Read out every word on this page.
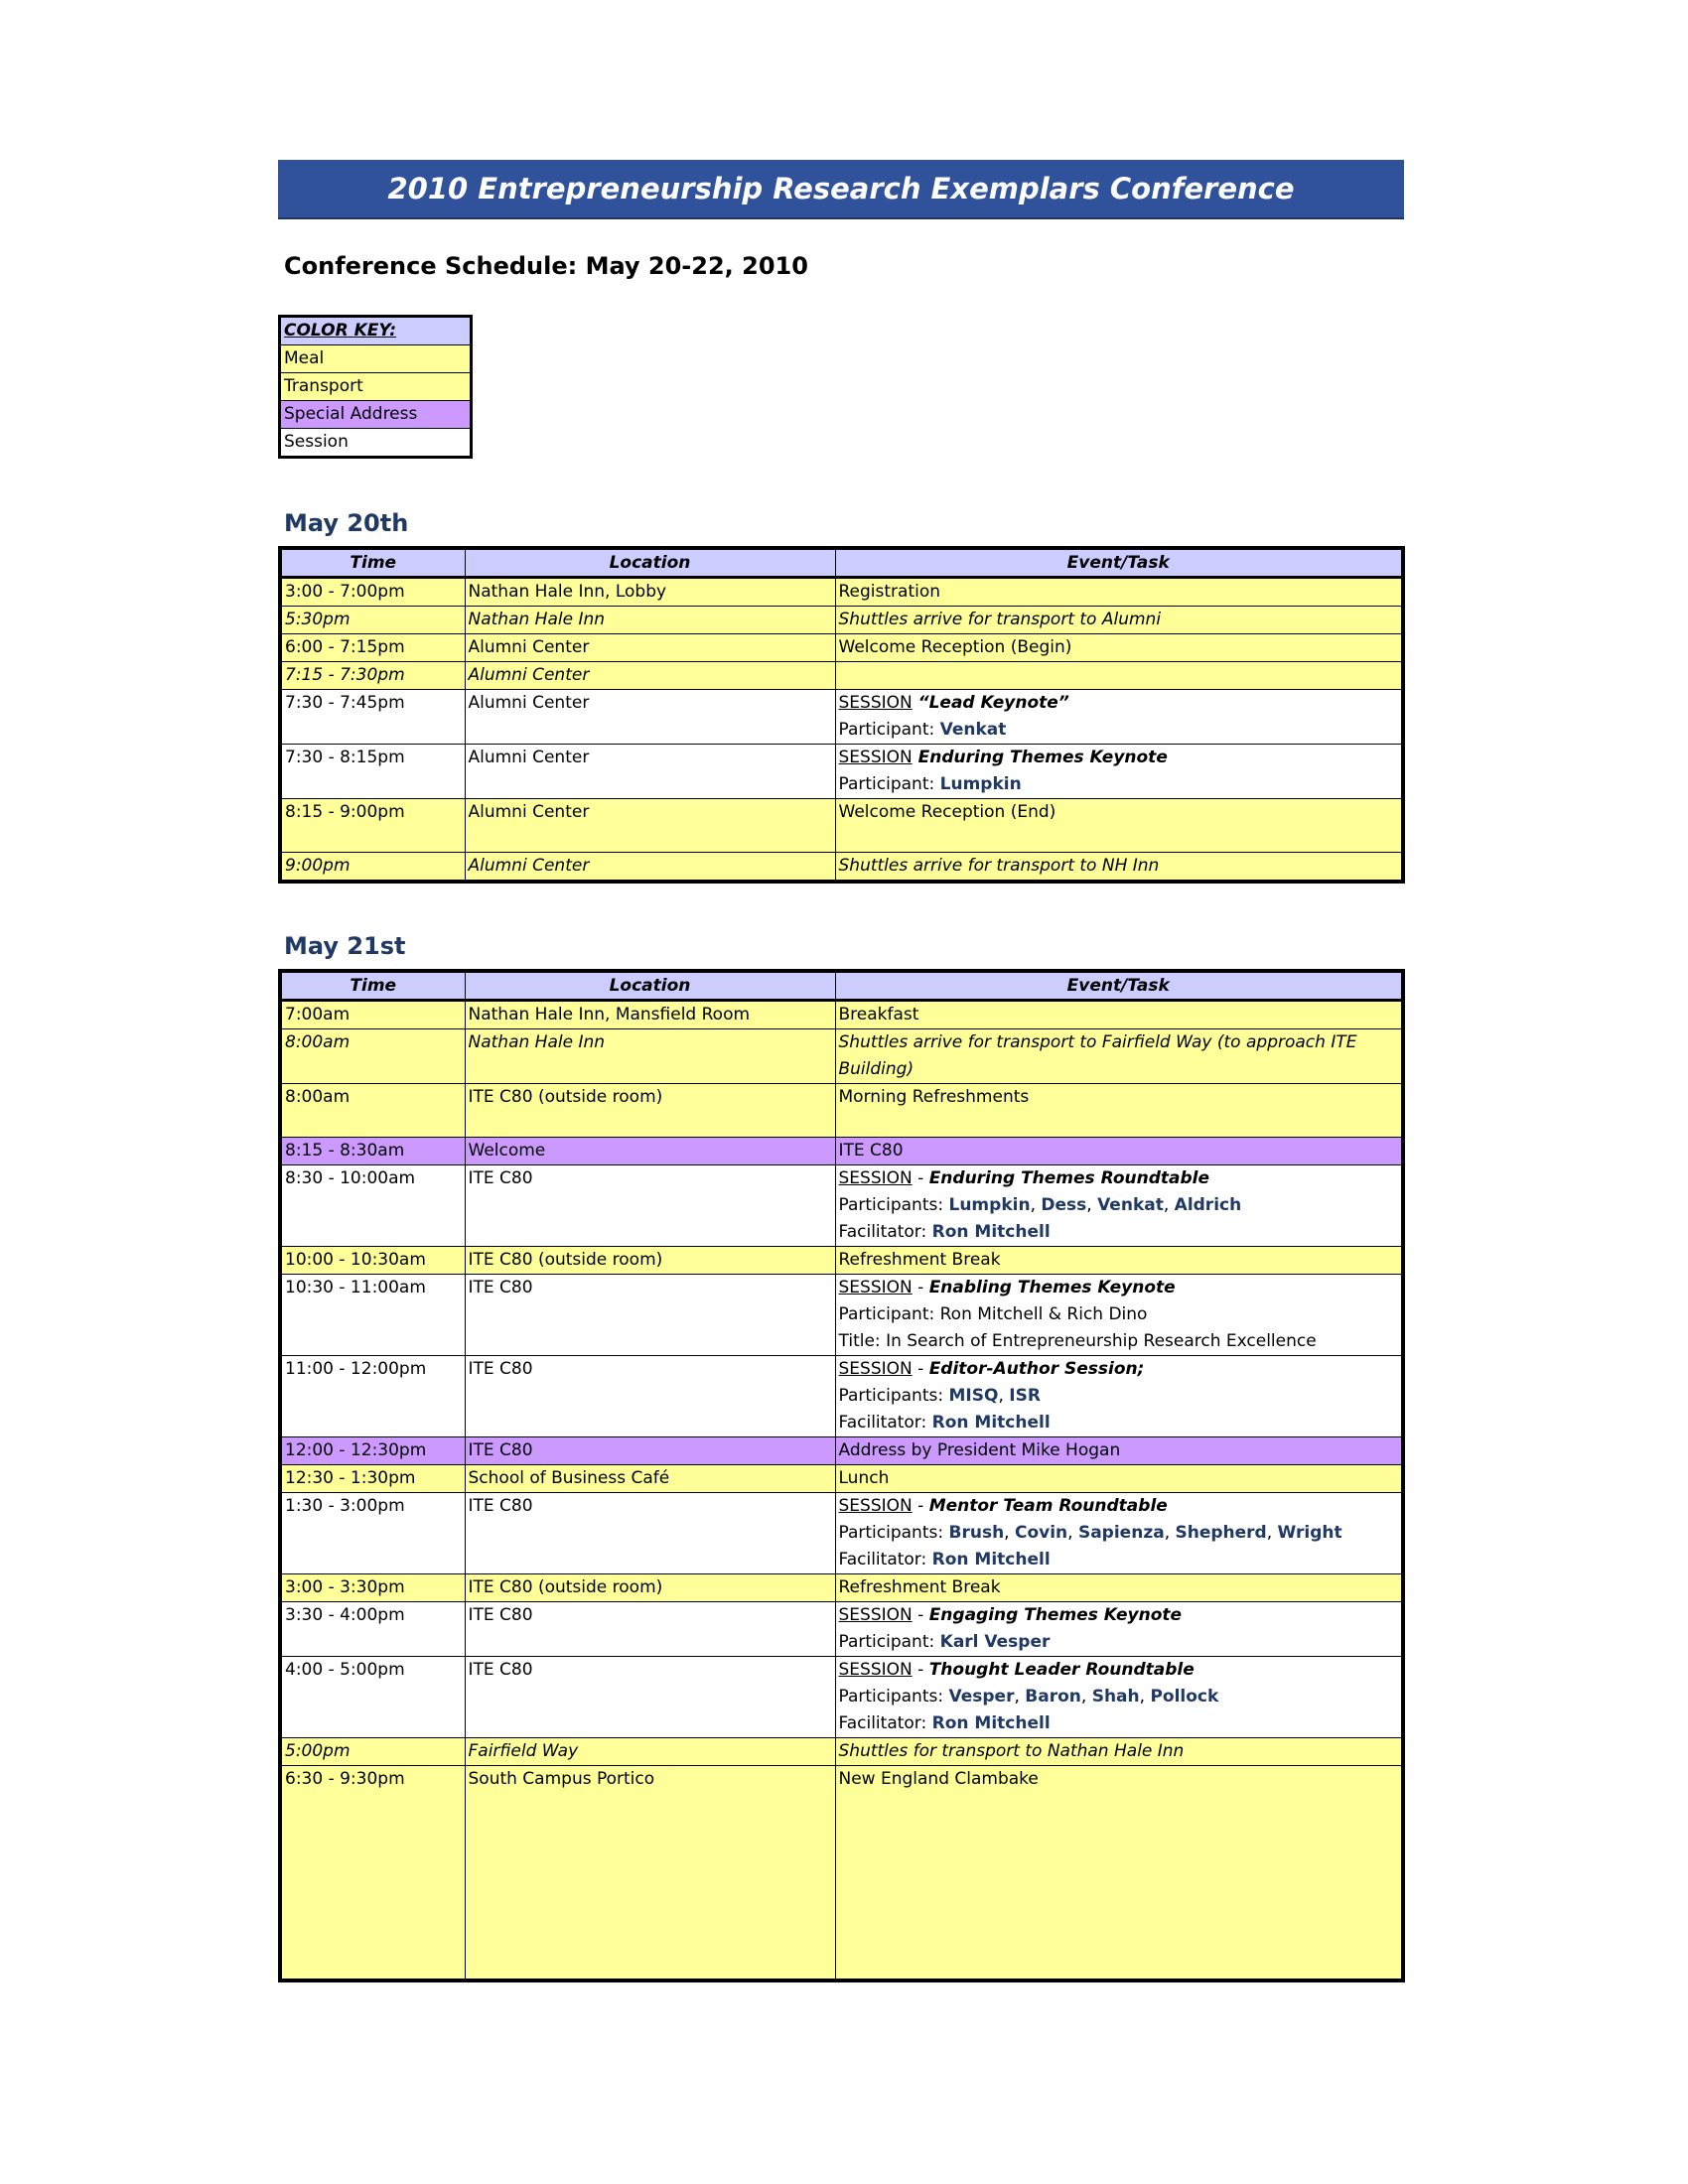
2010 Entrepreneurship Research Exemplars Conference
Conference Schedule: May 20-22, 2010
COLOR KEY:
Meal
Transport
Special Address
Session
May 20th
Time	Location	Event/Task
3:00 - 7:00pm	Nathan Hale Inn, Lobby	Registration

5:30pm	Nathan Hale Inn	Shuttles arrive for transport to Alumni

6:00 - 7:15pm	Alumni Center	Welcome Reception (Begin)

7:15 - 7:30pm	Alumni Center	
7:30 - 7:45pm	Alumni Center	SESSION “Lead Keynote”
Participant: Venkat

7:30 - 8:15pm	Alumni Center	SESSION Enduring Themes Keynote
Participant: Lumpkin

8:15 - 9:00pm	Alumni Center	Welcome Reception (End)

9:00pm	Alumni Center	Shuttles arrive for transport to NH Inn
May 21st
Time	Location	Event/Task
7:00am	Nathan Hale Inn, Mansfield Room	Breakfast

8:00am	Nathan Hale Inn	Shuttles arrive for transport to Fairfield Way (to approach ITE
Building)

8:00am	ITE C80 (outside room)	Morning Refreshments

8:15 - 8:30am	Welcome	ITE C80

8:30 - 10:00am	ITE C80	SESSION - Enduring Themes Roundtable
Participants: Lumpkin, Dess, Venkat, Aldrich
Facilitator: Ron Mitchell

10:00 - 10:30am	ITE C80 (outside room)	Refreshment Break

10:30 - 11:00am	ITE C80	SESSION - Enabling Themes Keynote
Participant: Ron Mitchell & Rich Dino
Title: In Search of Entrepreneurship Research Excellence

11:00 - 12:00pm	ITE C80	SESSION - Editor-Author Session;
Participants: MISQ, ISR
Facilitator: Ron Mitchell

12:00 - 12:30pm	ITE C80	Address by President Mike Hogan

12:30 - 1:30pm	School of Business Café	Lunch

1:30 - 3:00pm	ITE C80	SESSION - Mentor Team Roundtable
Participants: Brush, Covin, Sapienza, Shepherd, Wright
Facilitator: Ron Mitchell

3:00 - 3:30pm	ITE C80 (outside room)	Refreshment Break

3:30 - 4:00pm	ITE C80	SESSION - Engaging Themes Keynote
Participant: Karl Vesper

4:00 - 5:00pm	ITE C80	SESSION - Thought Leader Roundtable
Participants: Vesper, Baron, Shah, Pollock
Facilitator: Ron Mitchell

5:00pm	Fairfield Way	Shuttles for transport to Nathan Hale Inn

6:30 - 9:30pm	South Campus Portico	New England Clambake
